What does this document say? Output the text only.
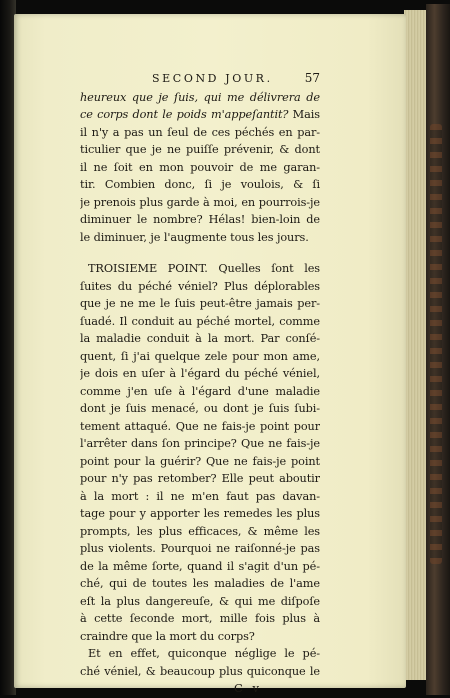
SECOND JOUR.	57
heureux que je ſuis, qui me délivrera de
ce corps dont le poids m'appeſantit? Mais
il n'y a pas un ſeul de ces péchés en par-
ticulier que je ne puiſſe prévenir, & dont
il ne ſoit en mon pouvoir de me garan-
tir. Combien donc, ſi je voulois, & ſi
je prenois plus garde à moi, en pourrois-je
diminuer le nombre? Hélas! bien-loin de
le diminuer, je l'augmente tous les jours.
TROISIEME POINT. Quelles ſont les
ſuites du péché véniel? Plus déplorables
que je ne me le ſuis peut-être jamais per-
ſuadé. Il conduit au péché mortel, comme
la maladie conduit à la mort. Par conſé-
quent, ſi j'ai quelque zele pour mon ame,
je dois en uſer à l'égard du péché véniel,
comme j'en uſe à l'égard d'une maladie
dont je ſuis menacé, ou dont je ſuis ſubi-
tement attaqué. Que ne fais-je point pour
l'arrêter dans ſon principe? Que ne fais-je
point pour la guérir? Que ne fais-je point
pour n'y pas retomber? Elle peut aboutir
à la mort : il ne m'en faut pas davan-
tage pour y apporter les remedes les plus
prompts, les plus efficaces, & même les
plus violents. Pourquoi ne raiſonné-je pas
de la même ſorte, quand il s'agit d'un pé-
ché, qui de toutes les maladies de l'ame
eſt la plus dangereuſe, & qui me diſpoſe
à cette ſeconde mort, mille fois plus à
craindre que la mort du corps?
Et en effet, quiconque néglige le pé-
ché véniel, & beaucoup plus quiconque le
C v
